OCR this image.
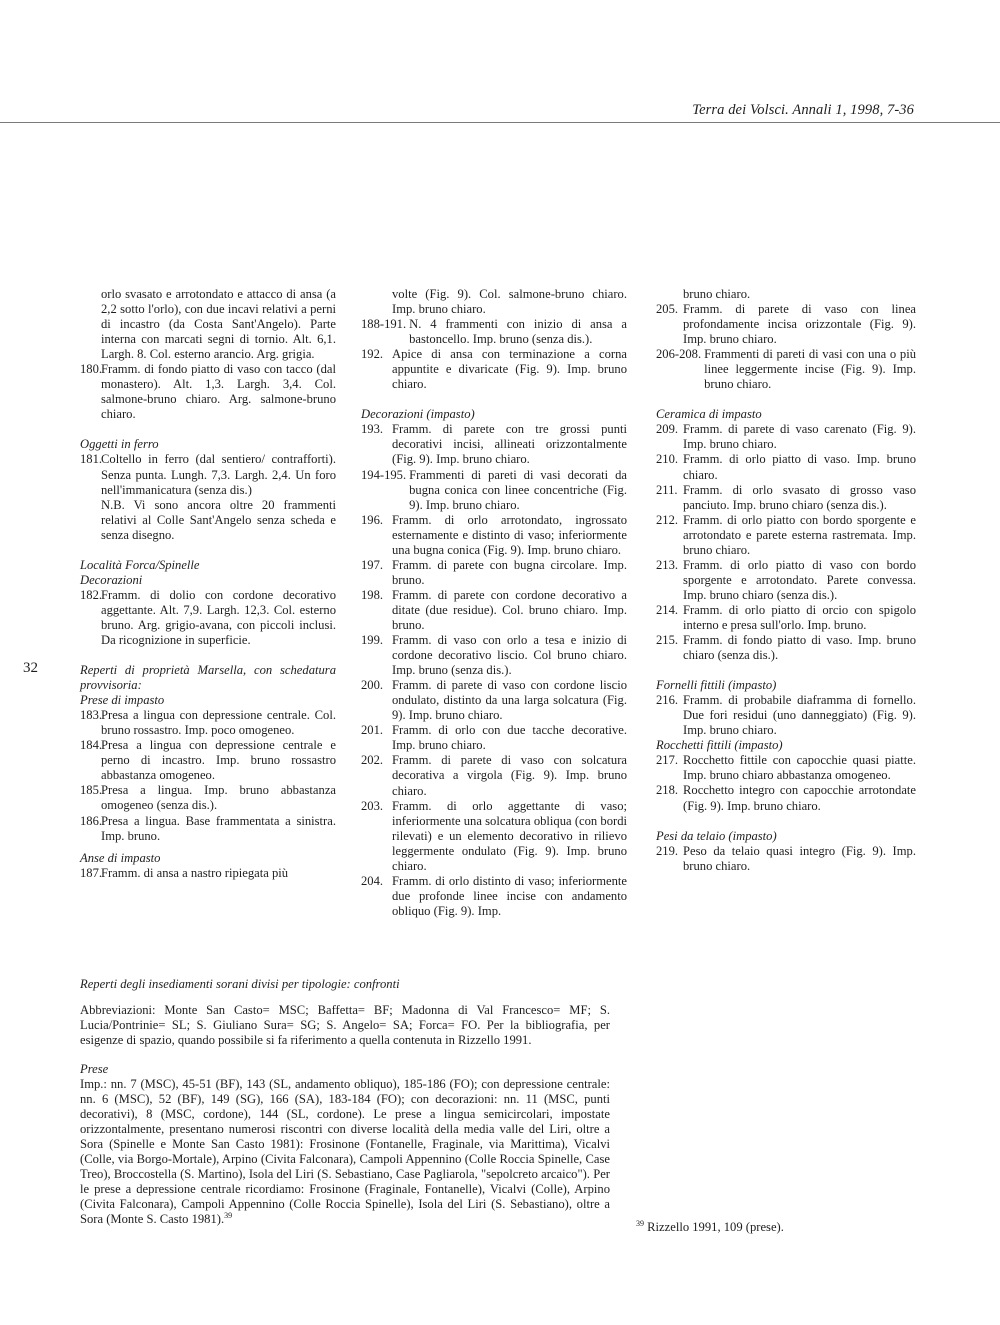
Terra dei Volsci. Annali 1, 1998, 7-36
32
orlo svasato e arrotondato e attacco di ansa (a 2,2 sotto l'orlo), con due incavi relativi a perni di incastro (da Costa Sant'Angelo). Parte interna con marcati segni di tornio. Alt. 6,1. Largh. 8. Col. esterno arancio. Arg. grigia.
180.
Framm. di fondo piatto di vaso con tacco (dal monastero). Alt. 1,3. Largh. 3,4. Col. salmone-bruno chiaro. Arg. salmone-bruno chiaro.
Oggetti in ferro
181.
Coltello in ferro (dal sentiero/ contrafforti). Senza punta. Lungh. 7,3. Largh. 2,4. Un foro nell'immanicatura (senza dis.)
N.B. Vi sono ancora oltre 20 frammenti relativi al Colle Sant'Angelo senza scheda e senza disegno.
Località Forca/Spinelle
Decorazioni
182.
Framm. di dolio con cordone decorativo aggettante. Alt. 7,9. Largh. 12,3. Col. esterno bruno. Arg. grigio-avana, con piccoli inclusi. Da ricognizione in superficie.
Reperti di proprietà Marsella, con schedatura provvisoria:
Prese di impasto
183.
Presa a lingua con depressione centrale. Col. bruno rossastro. Imp. poco omogeneo.
184.
Presa a lingua con depressione centrale e perno di incastro. Imp. bruno rossastro abbastanza omogeneo.
185.
Presa a lingua. Imp. bruno abbastanza omogeneo (senza dis.).
186.
Presa a lingua. Base frammentata a sinistra. Imp. bruno.
Anse di impasto
187.
Framm. di ansa a nastro ripiegata più
volte (Fig. 9). Col. salmone-bruno chiaro. Imp. bruno chiaro.
188-191. N. 4 frammenti con inizio di ansa a bastoncello. Imp. bruno (senza dis.).
192. Apice di ansa con terminazione a corna appuntite e divaricate (Fig. 9). Imp. bruno chiaro.
Decorazioni (impasto)
193. Framm. di parete con tre grossi punti decorativi incisi, allineati orizzontalmente (Fig. 9). Imp. bruno chiaro.
194-195. Frammenti di pareti di vasi decorati da bugna conica con linee concentriche (Fig. 9). Imp. bruno chiaro.
196. Framm. di orlo arrotondato, ingrossato esternamente e distinto di vaso; inferiormente una bugna conica (Fig. 9). Imp. bruno chiaro.
197. Framm. di parete con bugna circolare. Imp. bruno.
198. Framm. di parete con cordone decorativo a ditate (due residue). Col. bruno chiaro. Imp. bruno.
199. Framm. di vaso con orlo a tesa e inizio di cordone decorativo liscio. Col bruno chiaro. Imp. bruno (senza dis.).
200. Framm. di parete di vaso con cordone liscio ondulato, distinto da una larga solcatura (Fig. 9). Imp. bruno chiaro.
201. Framm. di orlo con due tacche decorative. Imp. bruno chiaro.
202. Framm. di parete di vaso con solcatura decorativa a virgola (Fig. 9). Imp. bruno chiaro.
203. Framm. di orlo aggettante di vaso; inferiormente una solcatura obliqua (con bordi rilevati) e un elemento decorativo in rilievo leggermente ondulato (Fig. 9). Imp. bruno chiaro.
204. Framm. di orlo distinto di vaso; inferiormente due profonde linee incise con andamento obliquo (Fig. 9). Imp.
bruno chiaro.
205. Framm. di parete di vaso con linea profondamente incisa orizzontale (Fig. 9). Imp. bruno chiaro.
206-208. Frammenti di pareti di vasi con una o più linee leggermente incise (Fig. 9). Imp. bruno chiaro.
Ceramica di impasto
209. Framm. di parete di vaso carenato (Fig. 9). Imp. bruno chiaro.
210. Framm. di orlo piatto di vaso. Imp. bruno chiaro.
211. Framm. di orlo svasato di grosso vaso panciuto. Imp. bruno chiaro (senza dis.).
212. Framm. di orlo piatto con bordo sporgente e arrotondato e parete esterna rastremata. Imp. bruno chiaro.
213. Framm. di orlo piatto di vaso con bordo sporgente e arrotondato. Parete convessa. Imp. bruno chiaro (senza dis.).
214. Framm. di orlo piatto di orcio con spigolo interno e presa sull'orlo. Imp. bruno.
215. Framm. di fondo piatto di vaso. Imp. bruno chiaro (senza dis.).
Fornelli fittili (impasto)
216. Framm. di probabile diaframma di fornello. Due fori residui (uno danneggiato) (Fig. 9). Imp. bruno chiaro.
Rocchetti fittili (impasto)
217. Rocchetto fittile con capocchie quasi piatte. Imp. bruno chiaro abbastanza omogeneo.
218. Rocchetto integro con capocchie arrotondate (Fig. 9). Imp. bruno chiaro.
Pesi da telaio (impasto)
219. Peso da telaio quasi integro (Fig. 9). Imp. bruno chiaro.
Reperti degli insediamenti sorani divisi per tipologie: confronti
Abbreviazioni: Monte San Casto= MSC; Baffetta= BF; Madonna di Val Francesco= MF; S. Lucia/Pontrinie= SL; S. Giuliano Sura= SG; S. Angelo= SA; Forca= FO. Per la bibliografia, per esigenze di spazio, quando possibile si fa riferimento a quella contenuta in Rizzello 1991.
Prese
Imp.: nn. 7 (MSC), 45-51 (BF), 143 (SL, andamento obliquo), 185-186 (FO); con depressione centrale: nn. 6 (MSC), 52 (BF), 149 (SG), 166 (SA), 183-184 (FO); con decorazioni: nn. 11 (MSC, punti decorativi), 8 (MSC, cordone), 144 (SL, cordone). Le prese a lingua semicircolari, impostate orizzontalmente, presentano numerosi riscontri con diverse località della media valle del Liri, oltre a Sora (Spinelle e Monte San Casto 1981): Frosinone (Fontanelle, Fraginale, via Marittima), Vicalvi (Colle, via Borgo-Mortale), Arpino (Civita Falconara), Campoli Appennino (Colle Roccia Spinelle, Case Treo), Broccostella (S. Martino), Isola del Liri (S. Sebastiano, Case Pagliarola, "sepolcreto arcaico"). Per le prese a depressione centrale ricordiamo: Frosinone (Fraginale, Fontanelle), Vicalvi (Colle), Arpino (Civita Falconara), Campoli Appennino (Colle Roccia Spinelle), Isola del Liri (S. Sebastiano), oltre a Sora (Monte S. Casto 1981).$^{39}$
$^{39}$ Rizzello 1991, 109 (prese).
